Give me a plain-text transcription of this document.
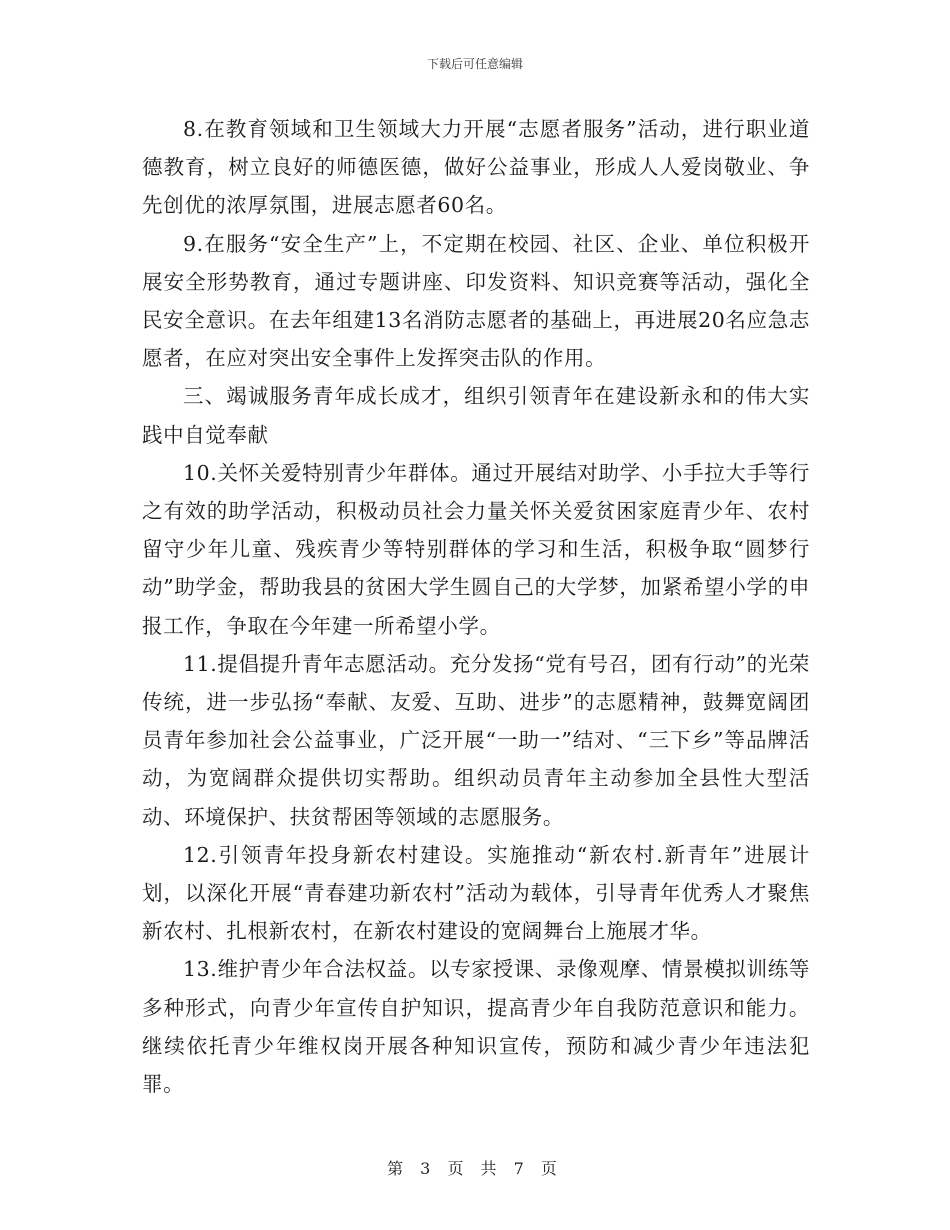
下载后可任意编辑

8.在教育领域和卫生领域大力开展“志愿者服务”活动，进行职业道德教育，树立良好的师德医德，做好公益事业，形成人人爱岗敬业、争先创优的浓厚氛围，进展志愿者60名。

9.在服务“安全生产”上，不定期在校园、社区、企业、单位积极开展安全形势教育，通过专题讲座、印发资料、知识竞赛等活动，强化全民安全意识。在去年组建13名消防志愿者的基础上，再进展20名应急志愿者，在应对突出安全事件上发挥突击队的作用。

三、竭诚服务青年成长成才，组织引领青年在建设新永和的伟大实践中自觉奉献

10.关怀关爱特别青少年群体。通过开展结对助学、小手拉大手等行之有效的助学活动，积极动员社会力量关怀关爱贫困家庭青少年、农村留守少年儿童、残疾青少等特别群体的学习和生活，积极争取“圆梦行动”助学金，帮助我县的贫困大学生圆自己的大学梦，加紧希望小学的申报工作，争取在今年建一所希望小学。

11.提倡提升青年志愿活动。充分发扬“党有号召，团有行动”的光荣传统，进一步弘扬“奉献、友爱、互助、进步”的志愿精神，鼓舞宽阔团员青年参加社会公益事业，广泛开展“一助一”结对、“三下乡”等品牌活动，为宽阔群众提供切实帮助。组织动员青年主动参加全县性大型活动、环境保护、扶贫帮困等领域的志愿服务。

12.引领青年投身新农村建设。实施推动“新农村.新青年”进展计划，以深化开展“青春建功新农村”活动为载体，引导青年优秀人才聚焦新农村、扎根新农村，在新农村建设的宽阔舞台上施展才华。

13.维护青少年合法权益。以专家授课、录像观摩、情景模拟训练等多种形式，向青少年宣传自护知识，提高青少年自我防范意识和能力。继续依托青少年维权岗开展各种知识宣传，预防和减少青少年违法犯罪。

第 3 页 共 7 页
